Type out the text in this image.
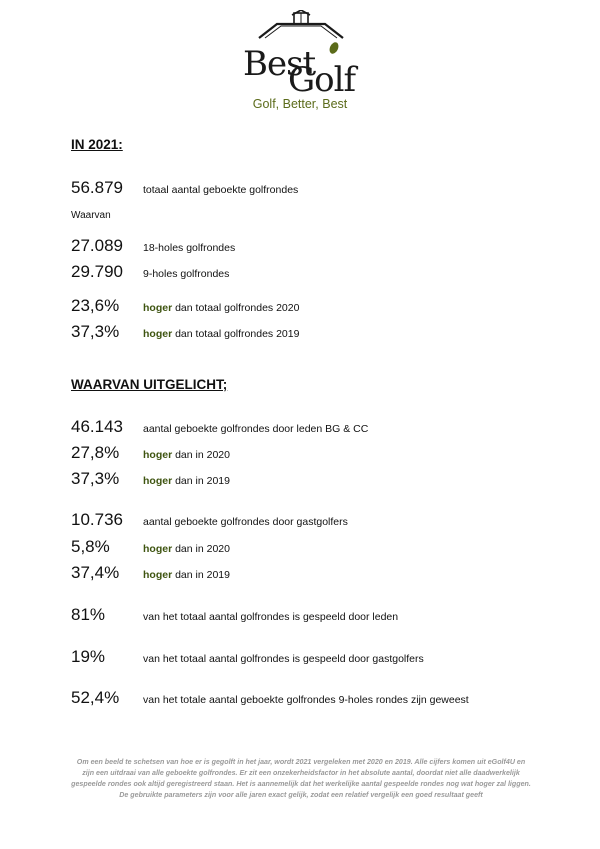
Best
Golf
Golf, Better, Best
IN 2021:
56.879 totaal aantal geboekte golfrondes
Waarvan
27.089 18-holes golfrondes
29.790 9-holes golfrondes
23,6% hoger dan totaal golfrondes 2020
37,3% hoger dan totaal golfrondes 2019
WAARVAN UITGELICHT;
46.143 aantal geboekte golfrondes door leden BG & CC
27,8% hoger dan in 2020
37,3% hoger dan in 2019
10.736 aantal geboekte golfrondes door gastgolfers
5,8%	hoger dan in 2020
37,4% hoger dan in 2019
81%	van het totaal aantal golfrondes is gespeeld door leden
19%	van het totaal aantal golfrondes is gespeeld door gastgolfers
52,4% van het totale aantal geboekte golfrondes 9-holes rondes zijn geweest
Om een beeld te schetsen van hoe er is gegolft in het jaar, wordt 2021 vergeleken met 2020 en 2019. Alle cijfers komen uit eGolf4U en zijn een uitdraai van alle geboekte golfrondes. Er zit een onzekerheidsfactor in het absolute aantal, doordat niet alle daadwerkelijk gespeelde rondes ook altijd geregistreerd staan. Het is aannemelijk dat het werkelijke aantal gespeelde rondes nog wat hoger zal liggen. De gebruikte parameters zijn voor alle jaren exact gelijk, zodat een relatief vergelijk een goed resultaat geeft
